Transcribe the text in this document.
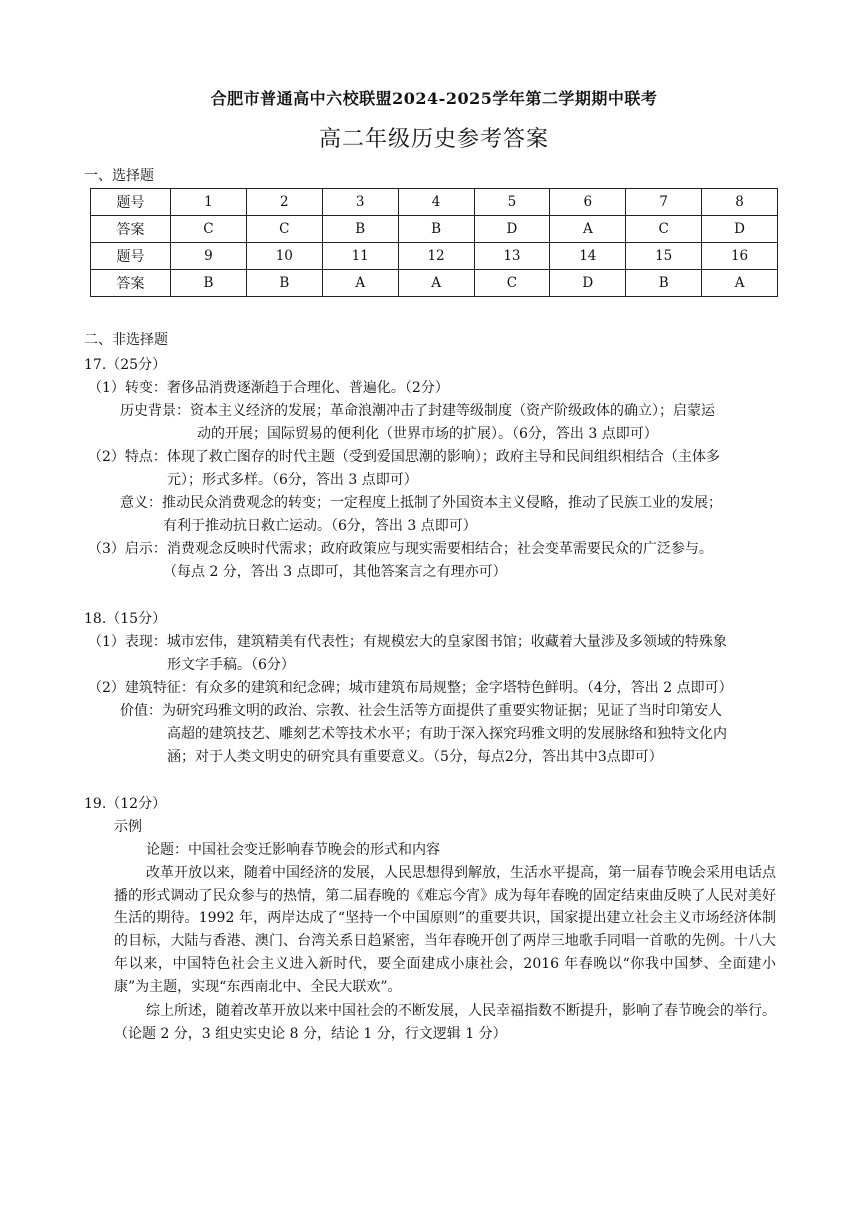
合肥市普通高中六校联盟2024-2025学年第二学期期中联考
高二年级历史参考答案
一、选择题
题号	1	2	3	4	5	6	7	8
答案	C	C	B	B	D	A	C	D
题号	9	10	11	12	13	14	15	16
答案	B	B	A	A	C	D	B	A
二、非选择题
17.（25分）
（1）转变：奢侈品消费逐渐趋于合理化、普遍化。（2分）
历史背景：资本主义经济的发展；革命浪潮冲击了封建等级制度（资产阶级政体的确立）；启蒙运
动的开展；国际贸易的便利化（世界市场的扩展）。（6分，答出 3 点即可）
（2）特点：体现了救亡图存的时代主题（受到爱国思潮的影响）；政府主导和民间组织相结合（主体多
元）；形式多样。（6分，答出 3 点即可）
意义：推动民众消费观念的转变；一定程度上抵制了外国资本主义侵略，推动了民族工业的发展；
有利于推动抗日救亡运动。（6分，答出 3 点即可）
（3）启示：消费观念反映时代需求；政府政策应与现实需要相结合；社会变革需要民众的广泛参与。
（每点 2 分，答出 3 点即可，其他答案言之有理亦可）
18.（15分）
（1）表现：城市宏伟，建筑精美有代表性；有规模宏大的皇家图书馆；收藏着大量涉及多领域的特殊象
形文字手稿。（6分）
（2）建筑特征：有众多的建筑和纪念碑；城市建筑布局规整；金字塔特色鲜明。（4分，答出 2 点即可）
价值：为研究玛雅文明的政治、宗教、社会生活等方面提供了重要实物证据；见证了当时印第安人
高超的建筑技艺、雕刻艺术等技术水平；有助于深入探究玛雅文明的发展脉络和独特文化内
涵；对于人类文明史的研究具有重要意义。（5分，每点2分，答出其中3点即可）
19.（12分）
示例
论题：中国社会变迁影响春节晚会的形式和内容
改革开放以来，随着中国经济的发展，人民思想得到解放，生活水平提高，第一届春节晚会采用电话点播的形式调动了民众参与的热情，第二届春晚的《难忘今宵》成为每年春晚的固定结束曲反映了人民对美好生活的期待。1992 年，两岸达成了“坚持一个中国原则”的重要共识，国家提出建立社会主义市场经济体制的目标，大陆与香港、澳门、台湾关系日趋紧密，当年春晚开创了两岸三地歌手同唱一首歌的先例。十八大年以来，中国特色社会主义进入新时代，要全面建成小康社会，2016 年春晚以“你我中国梦、全面建小康”为主题，实现“东西南北中、全民大联欢”。
综上所述，随着改革开放以来中国社会的不断发展，人民幸福指数不断提升，影响了春节晚会的举行。（论题 2 分，3 组史实史论 8 分，结论 1 分，行文逻辑 1 分）
